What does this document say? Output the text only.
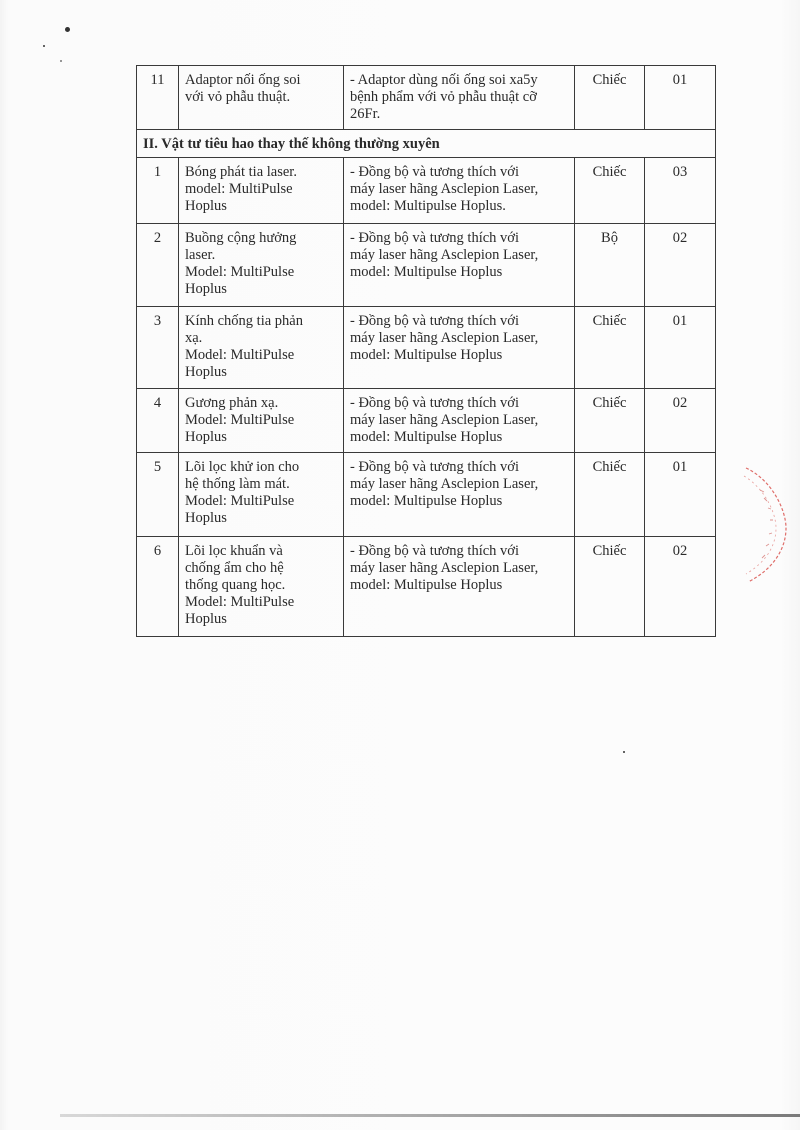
11	Adaptor nối ống soi
với vỏ phẫu thuật.	- Adaptor dùng nối ống soi xa5y
bệnh phẩm với vỏ phẫu thuật cỡ
26Fr.	Chiếc	01
II. Vật tư tiêu hao thay thế không thường xuyên				
1	Bóng phát tia laser.
model: MultiPulse
Hoplus	- Đồng bộ và tương thích với
máy laser hãng Asclepion Laser,
model: Multipulse Hoplus.	Chiếc	03
2	Buồng cộng hưởng
laser.
Model: MultiPulse
Hoplus	- Đồng bộ và tương thích với
máy laser hãng Asclepion Laser,
model: Multipulse Hoplus	Bộ	02
3	Kính chống tia phản
xạ.
Model: MultiPulse
Hoplus	- Đồng bộ và tương thích với
máy laser hãng Asclepion Laser,
model: Multipulse Hoplus	Chiếc	01
4	Gương phản xạ.
Model: MultiPulse
Hoplus	- Đồng bộ và tương thích với
máy laser hãng Asclepion Laser,
model: Multipulse Hoplus	Chiếc	02
5	Lõi lọc khử ion cho
hệ thống làm mát.
Model: MultiPulse
Hoplus	- Đồng bộ và tương thích với
máy laser hãng Asclepion Laser,
model: Multipulse Hoplus	Chiếc	01
6	Lõi lọc khuẩn và
chống ẩm cho hệ
thống quang học.
Model: MultiPulse
Hoplus	- Đồng bộ và tương thích với
máy laser hãng Asclepion Laser,
model: Multipulse Hoplus	Chiếc	02
